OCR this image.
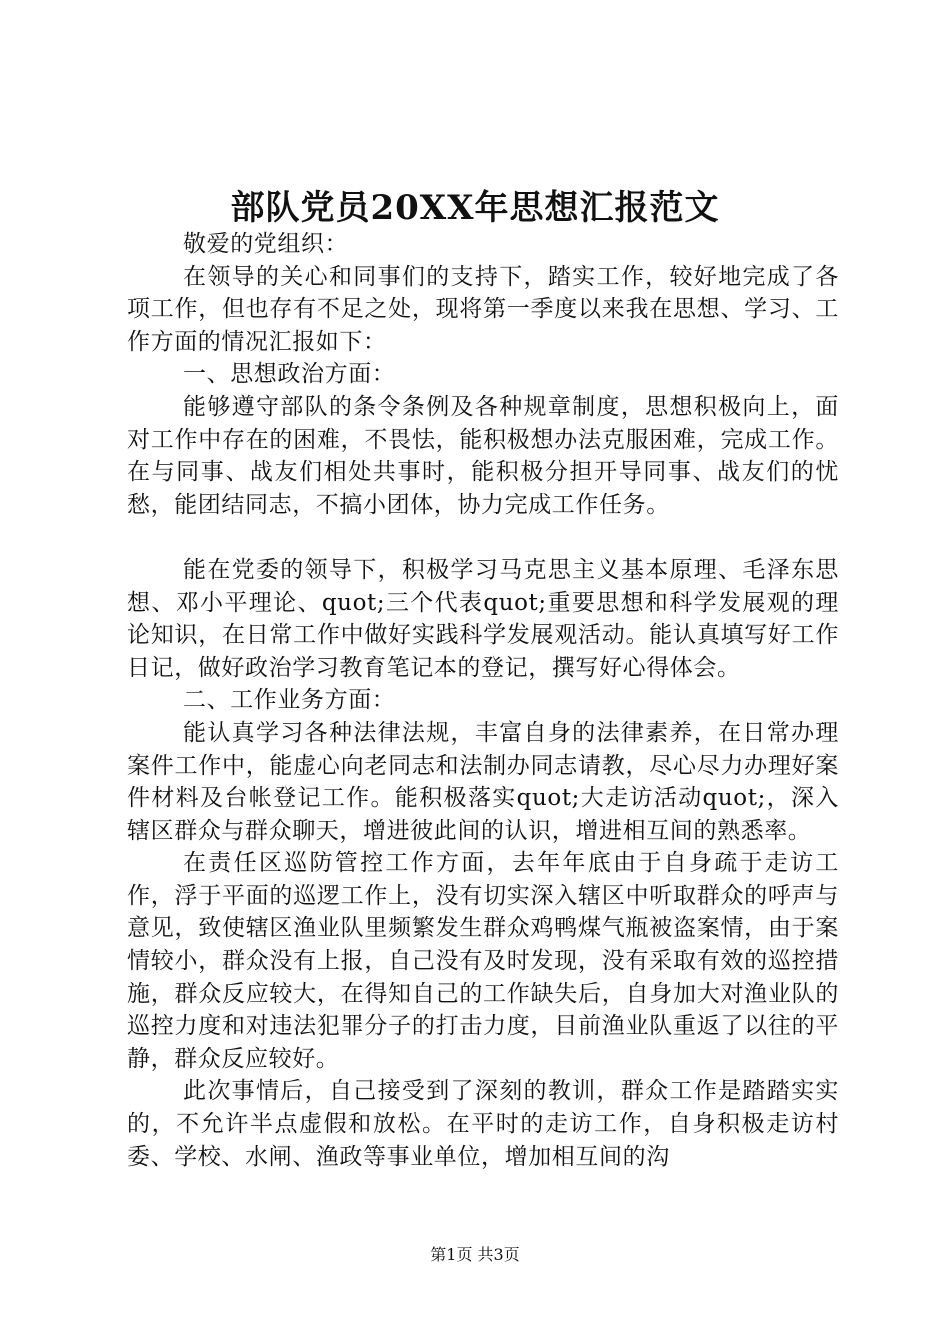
部队党员20XX年思想汇报范文

敬爱的党组织：

在领导的关心和同事们的支持下，踏实工作，较好地完成了各项工作，但也存有不足之处，现将第一季度以来我在思想、学习、工作方面的情况汇报如下：

一、思想政治方面：

能够遵守部队的条令条例及各种规章制度，思想积极向上，面对工作中存在的困难，不畏怯，能积极想办法克服困难，完成工作。在与同事、战友们相处共事时，能积极分担开导同事、战友们的忧愁，能团结同志，不搞小团体，协力完成工作任务。

能在党委的领导下，积极学习马克思主义基本原理、毛泽东思想、邓小平理论、quot;三个代表quot;重要思想和科学发展观的理论知识，在日常工作中做好实践科学发展观活动。能认真填写好工作日记，做好政治学习教育笔记本的登记，撰写好心得体会。

二、工作业务方面：

能认真学习各种法律法规，丰富自身的法律素养，在日常办理案件工作中，能虚心向老同志和法制办同志请教，尽心尽力办理好案件材料及台帐登记工作。能积极落实quot;大走访活动quot;，深入辖区群众与群众聊天，增进彼此间的认识，增进相互间的熟悉率。

在责任区巡防管控工作方面，去年年底由于自身疏于走访工作，浮于平面的巡逻工作上，没有切实深入辖区中听取群众的呼声与意见，致使辖区渔业队里频繁发生群众鸡鸭煤气瓶被盗案情，由于案情较小，群众没有上报，自己没有及时发现，没有采取有效的巡控措施，群众反应较大，在得知自己的工作缺失后，自身加大对渔业队的巡控力度和对违法犯罪分子的打击力度，目前渔业队重返了以往的平静，群众反应较好。

此次事情后，自己接受到了深刻的教训，群众工作是踏踏实实的，不允许半点虚假和放松。在平时的走访工作，自身积极走访村委、学校、水闸、渔政等事业单位，增加相互间的沟

第1页 共3页
